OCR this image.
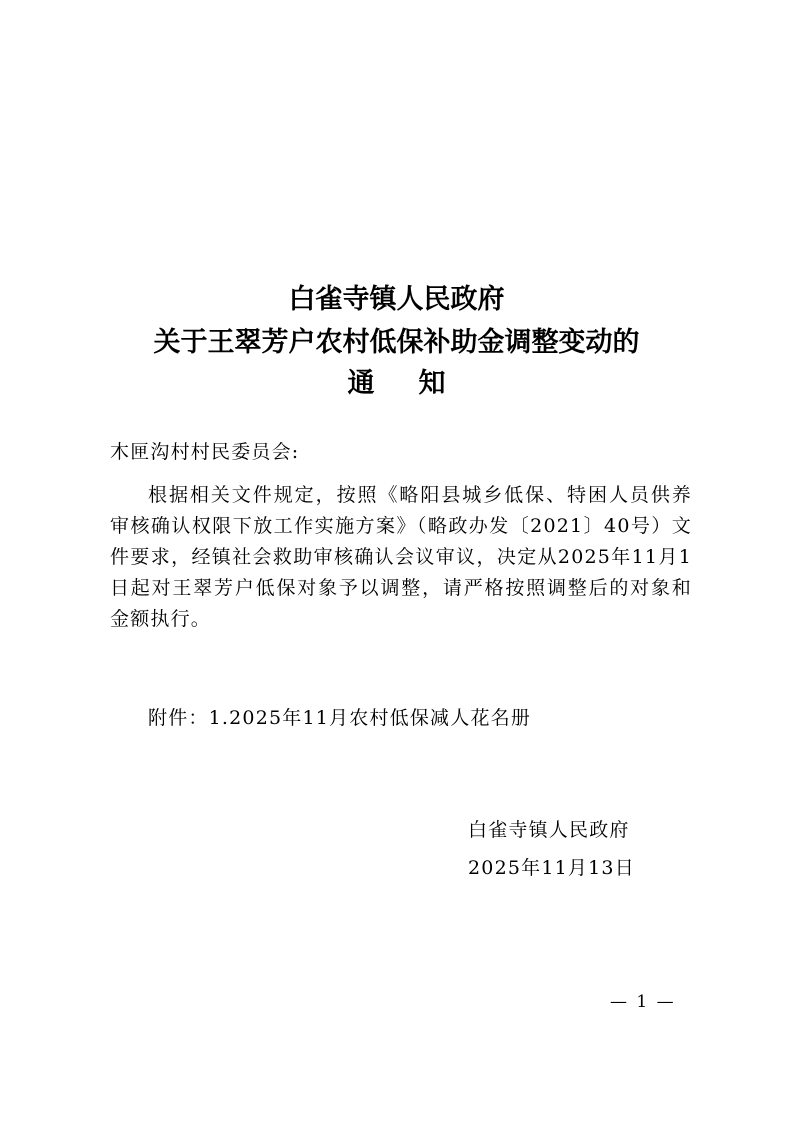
白雀寺镇人民政府
关于王翠芳户农村低保补助金调整变动的
通 知
木匣沟村村民委员会:
根据相关文件规定，按照《略阳县城乡低保、特困人员供养审核确认权限下放工作实施方案》（略政办发〔2021〕40号）文件要求，经镇社会救助审核确认会议审议，决定从2025年11月1日起对王翠芳户低保对象予以调整，请严格按照调整后的对象和金额执行。
附件：1.2025年11月农村低保减人花名册
白雀寺镇人民政府
2025年11月13日
— 1 —
